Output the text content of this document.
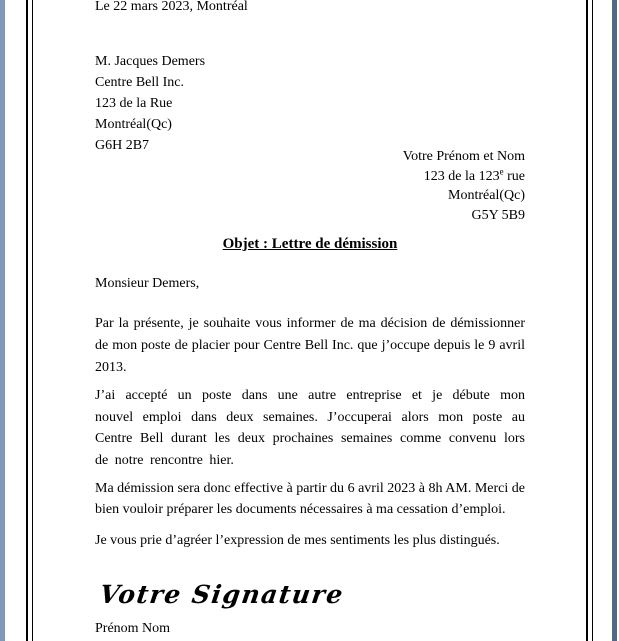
Le 22 mars 2023, Montréal

M. Jacques Demers
Centre Bell Inc.
123 de la Rue
Montréal(Qc)
G6H 2B7
Votre Prénom et Nom
123 de la 123e rue
Montréal(Qc)
G5Y 5B9

Objet : Lettre de démission

Monsieur Demers,

Par la présente, je souhaite vous informer de ma décision de démissionner de mon poste de placier pour Centre Bell Inc. que j’occupe depuis le 9 avril 2013.

J’ai accepté un poste dans une autre entreprise et je débute mon nouvel emploi dans deux semaines. J’occuperai alors mon poste au Centre Bell durant les deux prochaines semaines comme convenu lors de notre rencontre hier.

Ma démission sera donc effective à partir du 6 avril 2023 à 8h AM. Merci de bien vouloir préparer les documents nécessaires à ma cessation d’emploi.

Je vous prie d’agréer l’expression de mes sentiments les plus distingués.

Votre Signature

Prénom Nom
